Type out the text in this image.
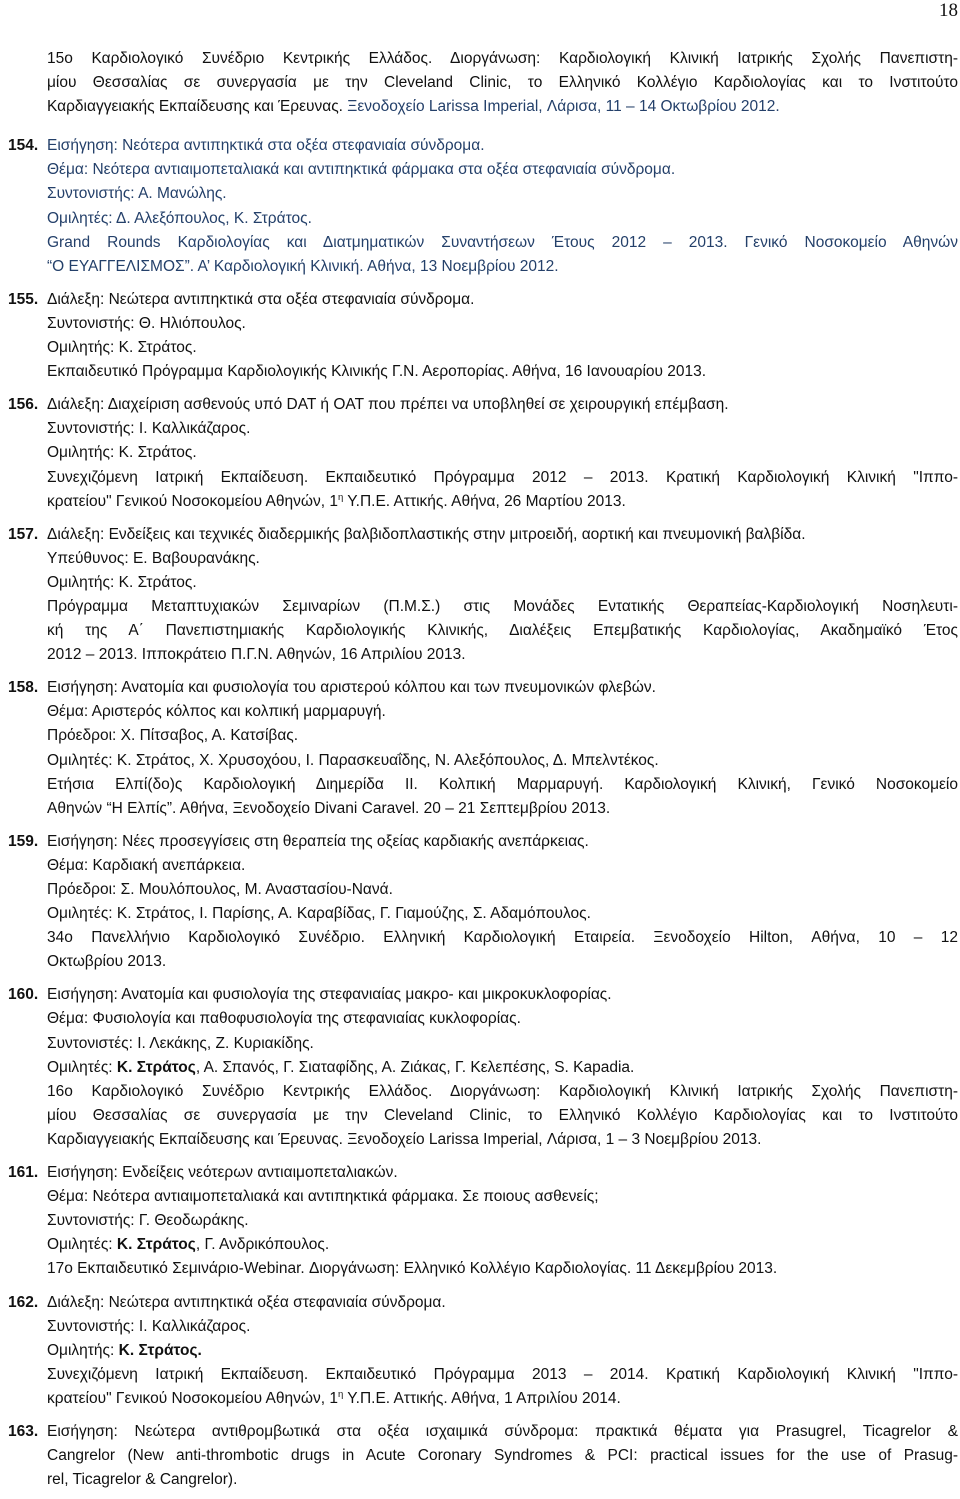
18
15ο Καρδιολογικό Συνέδριο Κεντρικής Ελλάδος. Διοργάνωση: Καρδιολογική Κλινική Ιατρικής Σχολής Πανεπιστη-
μίου Θεσσαλίας σε συνεργασία με την Cleveland Clinic, το Ελληνικό Κολλέγιο Καρδιολογίας και το Ινστιτούτο
Καρδιαγγειακής Εκπαίδευσης και Έρευνας. Ξενοδοχείο Larissa Imperial, Λάρισα, 11 – 14 Οκτωβρίου 2012.
154. Εισήγηση: Νεότερα αντιπηκτικά στα οξέα στεφανιαία σύνδρομα.
Θέμα: Νεότερα αντιαιμοπεταλιακά και αντιπηκτικά φάρμακα στα οξέα στεφανιαία σύνδρομα.
Συντονιστής: Α. Μανώλης.
Ομιλητές: Δ. Αλεξόπουλος, Κ. Στράτος.
Grand Rounds Καρδιολογίας και Διατμηματικών Συναντήσεων Έτους 2012 – 2013. Γενικό Νοσοκομείο Αθηνών
“Ο ΕΥΑΓΓΕΛΙΣΜΟΣ”. Α’ Καρδιολογική Κλινική. Αθήνα, 13 Νοεμβρίου 2012.
155. Διάλεξη: Νεώτερα αντιπηκτικά στα οξέα στεφανιαία σύνδρομα.
Συντονιστής: Θ. Ηλιόπουλος.
Ομιλητής: Κ. Στράτος.
Εκπαιδευτικό Πρόγραμμα Καρδιολογικής Κλινικής Γ.Ν. Αεροπορίας. Αθήνα, 16 Ιανουαρίου 2013.
156. Διάλεξη: Διαχείριση ασθενούς υπό DAT ή OAT που πρέπει να υποβληθεί σε χειρουργική επέμβαση.
Συντονιστής: Ι. Καλλικάζαρος.
Ομιλητής: Κ. Στράτος.
Συνεχιζόμενη Ιατρική Εκπαίδευση. Εκπαιδευτικό Πρόγραμμα 2012 – 2013. Κρατική Καρδιολογική Κλινική "Ιππο-
κρατείου" Γενικού Νοσοκομείου Αθηνών, $1^\eta$ Υ.Π.Ε. Αττικής. Αθήνα, 26 Μαρτίου 2013.
157. Διάλεξη: Ενδείξεις και τεχνικές διαδερμικής βαλβιδοπλαστικής στην μιτροειδή, αορτική και πνευμονική βαλβίδα.
Υπεύθυνος: Ε. Βαβουρανάκης.
Ομιλητής: Κ. Στράτος.
Πρόγραμμα Μεταπτυχιακών Σεμιναρίων (Π.Μ.Σ.) στις Μονάδες Εντατικής Θεραπείας-Καρδιολογική Νοσηλευτι-
κή της Α΄ Πανεπιστημιακής Καρδιολογικής Κλινικής, Διαλέξεις Επεμβατικής Καρδιολογίας, Ακαδημαϊκό Έτος
2012 – 2013. Ιπποκράτειο Π.Γ.Ν. Αθηνών, 16 Απριλίου 2013.
158. Εισήγηση: Ανατομία και φυσιολογία του αριστερού κόλπου και των πνευμονικών φλεβών.
Θέμα: Αριστερός κόλπος και κολπική μαρμαρυγή.
Πρόεδροι: Χ. Πίτσαβος, Α. Κατσίβας.
Ομιλητές: Κ. Στράτος, Χ. Χρυσοχόου, Ι. Παρασκευαΐδης, Ν. Αλεξόπουλος, Δ. Μπελντέκος.
Ετήσια Ελπί(δο)ς Καρδιολογική Διημερίδα ΙΙ. Κολπική Μαρμαρυγή. Καρδιολογική Κλινική, Γενικό Νοσοκομείο
Αθηνών “Η Ελπίς”. Αθήνα, Ξενοδοχείο Divani Caravel. 20 – 21 Σεπτεμβρίου 2013.
159. Εισήγηση: Νέες προσεγγίσεις στη θεραπεία της οξείας καρδιακής ανεπάρκειας.
Θέμα: Καρδιακή ανεπάρκεια.
Πρόεδροι: Σ. Μουλόπουλος, Μ. Αναστασίου-Νανά.
Ομιλητές: Κ. Στράτος, Ι. Παρίσης, Α. Καραβίδας, Γ. Γιαμούζης, Σ. Αδαμόπουλος.
34ο Πανελλήνιο Καρδιολογικό Συνέδριο. Ελληνική Καρδιολογική Εταιρεία. Ξενοδοχείο Hilton, Αθήνα, 10 – 12
Οκτωβρίου 2013.
160. Εισήγηση: Ανατομία και φυσιολογία της στεφανιαίας μακρο- και μικροκυκλοφορίας.
Θέμα: Φυσιολογία και παθοφυσιολογία της στεφανιαίας κυκλοφορίας.
Συντονιστές: Ι. Λεκάκης, Ζ. Κυριακίδης.
Ομιλητές: Κ. Στράτος, Α. Σπανός, Γ. Σιαταφίδης, Α. Ζιάκας, Γ. Κελεπέσης, S. Kapadia.
16ο Καρδιολογικό Συνέδριο Κεντρικής Ελλάδος. Διοργάνωση: Καρδιολογική Κλινική Ιατρικής Σχολής Πανεπιστη-
μίου Θεσσαλίας σε συνεργασία με την Cleveland Clinic, το Ελληνικό Κολλέγιο Καρδιολογίας και το Ινστιτούτο
Καρδιαγγειακής Εκπαίδευσης και Έρευνας. Ξενοδοχείο Larissa Imperial, Λάρισα, 1 – 3 Νοεμβρίου 2013.
161. Εισήγηση: Ενδείξεις νεότερων αντιαιμοπεταλιακών.
Θέμα: Νεότερα αντιαιμοπεταλιακά και αντιπηκτικά φάρμακα. Σε ποιους ασθενείς;
Συντονιστής: Γ. Θεοδωράκης.
Ομιλητές: Κ. Στράτος, Γ. Ανδρικόπουλος.
17ο Εκπαιδευτικό Σεμινάριο-Webinar. Διοργάνωση: Ελληνικό Κολλέγιο Καρδιολογίας. 11 Δεκεμβρίου 2013.
162. Διάλεξη: Νεώτερα αντιπηκτικά οξέα στεφανιαία σύνδρομα.
Συντονιστής: Ι. Καλλικάζαρος.
Ομιλητής: Κ. Στράτος.
Συνεχιζόμενη Ιατρική Εκπαίδευση. Εκπαιδευτικό Πρόγραμμα 2013 – 2014. Κρατική Καρδιολογική Κλινική "Ιππο-
κρατείου" Γενικού Νοσοκομείου Αθηνών, $1^\eta$ Υ.Π.Ε. Αττικής. Αθήνα, 1 Απριλίου 2014.
163. Εισήγηση: Νεώτερα αντιθρομβωτικά στα οξέα ισχαιμικά σύνδρομα: πρακτικά θέματα για Prasugrel, Ticagrelor &
Cangrelor (New anti-thrombotic drugs in Acute Coronary Syndromes & PCI: practical issues for the use of Prasug-
rel, Ticagrelor & Cangrelor).
